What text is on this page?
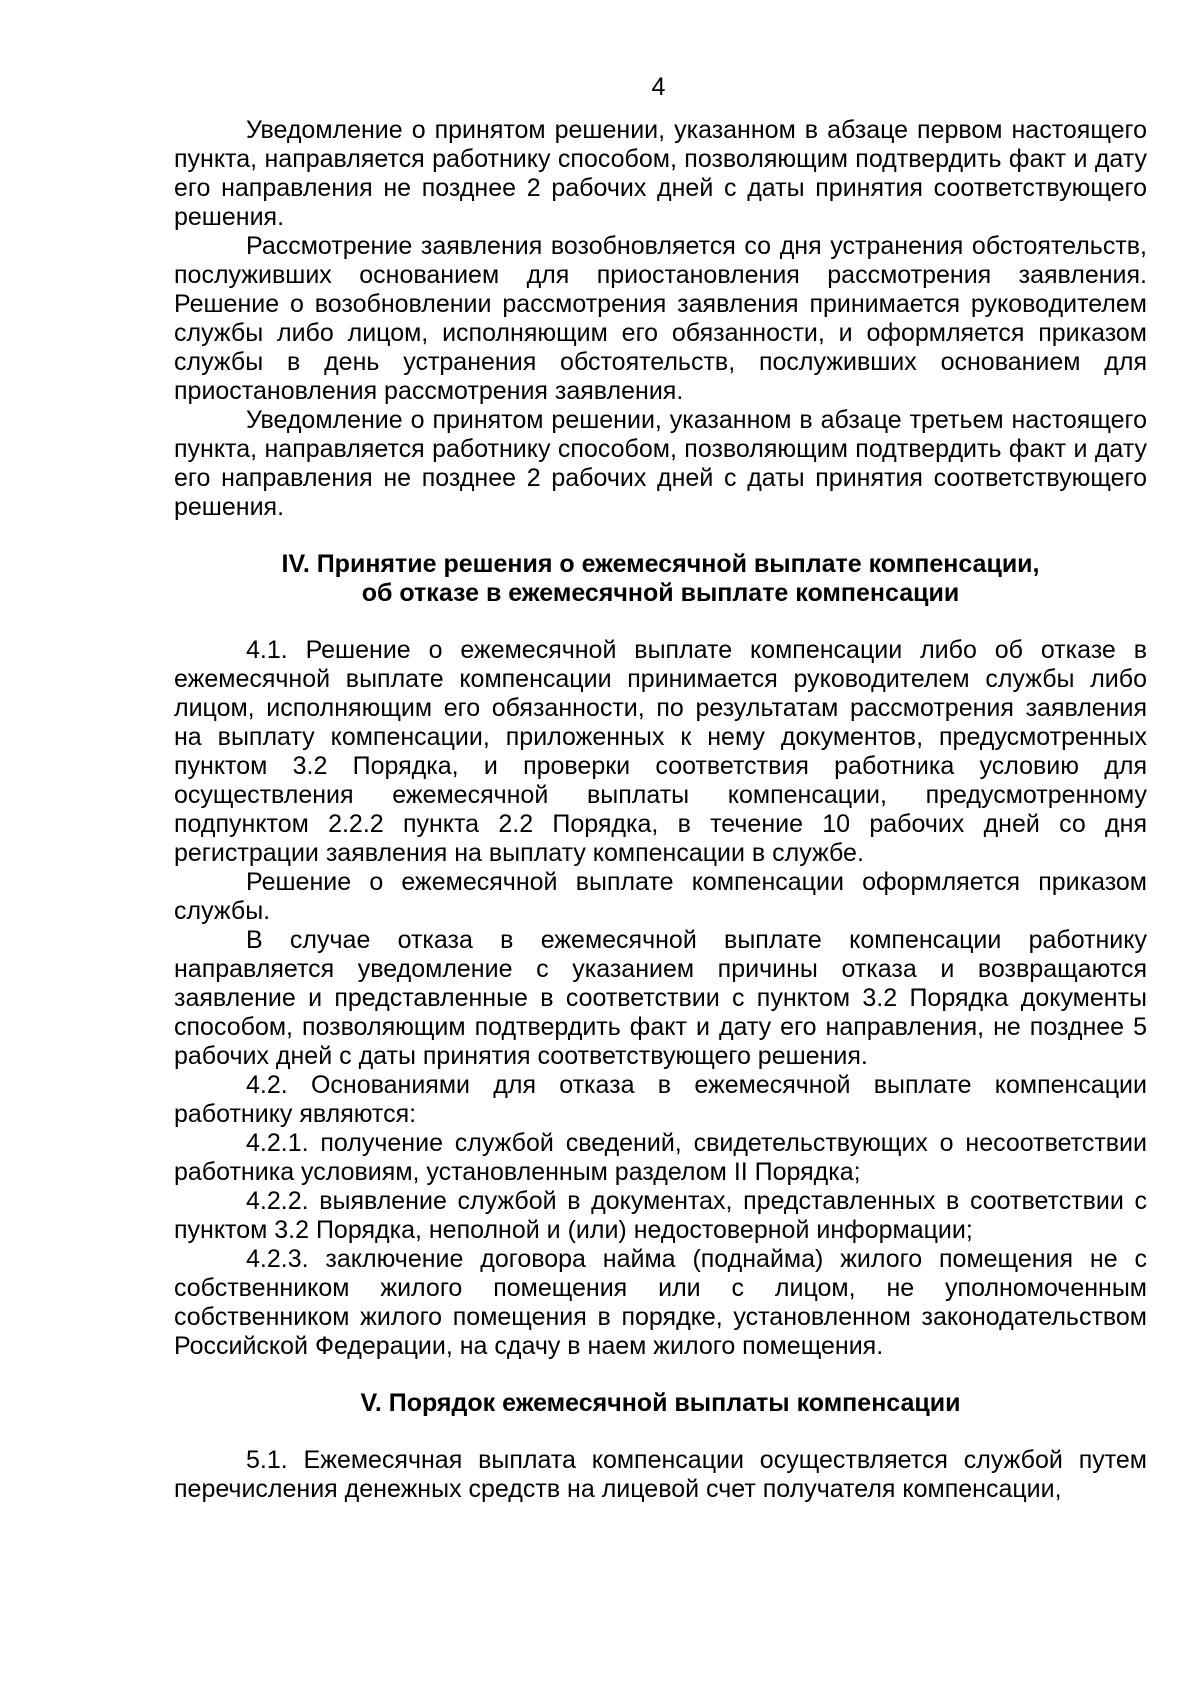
4

Уведомление о принятом решении, указанном в абзаце первом настоящего пункта, направляется работнику способом, позволяющим подтвердить факт и дату его направления не позднее 2 рабочих дней с даты принятия соответствующего решения.

Рассмотрение заявления возобновляется со дня устранения обстоятельств, послуживших основанием для приостановления рассмотрения заявления. Решение о возобновлении рассмотрения заявления принимается руководителем службы либо лицом, исполняющим его обязанности, и оформляется приказом службы в день устранения обстоятельств, послуживших основанием для приостановления рассмотрения заявления.

Уведомление о принятом решении, указанном в абзаце третьем настоящего пункта, направляется работнику способом, позволяющим подтвердить факт и дату его направления не позднее 2 рабочих дней с даты принятия соответствующего решения.

IV. Принятие решения о ежемесячной выплате компенсации,
об отказе в ежемесячной выплате компенсации

4.1. Решение о ежемесячной выплате компенсации либо об отказе в ежемесячной выплате компенсации принимается руководителем службы либо лицом, исполняющим его обязанности, по результатам рассмотрения заявления на выплату компенсации, приложенных к нему документов, предусмотренных пунктом 3.2 Порядка, и проверки соответствия работника условию для осуществления ежемесячной выплаты компенсации, предусмотренному подпунктом 2.2.2 пункта 2.2 Порядка, в течение 10 рабочих дней со дня регистрации заявления на выплату компенсации в службе.

Решение о ежемесячной выплате компенсации оформляется приказом службы.

В случае отказа в ежемесячной выплате компенсации работнику направляется уведомление с указанием причины отказа и возвращаются заявление и представленные в соответствии с пунктом 3.2 Порядка документы способом, позволяющим подтвердить факт и дату его направления, не позднее 5 рабочих дней с даты принятия соответствующего решения.

4.2. Основаниями для отказа в ежемесячной выплате компенсации работнику являются:

4.2.1. получение службой сведений, свидетельствующих о несоответствии работника условиям, установленным разделом II Порядка;

4.2.2. выявление службой в документах, представленных в соответствии с пунктом 3.2 Порядка, неполной и (или) недостоверной информации;

4.2.3. заключение договора найма (поднайма) жилого помещения не с собственником жилого помещения или с лицом, не уполномоченным собственником жилого помещения в порядке, установленном законодательством Российской Федерации, на сдачу в наем жилого помещения.

V. Порядок ежемесячной выплаты компенсации

5.1. Ежемесячная выплата компенсации осуществляется службой путем перечисления денежных средств на лицевой счет получателя компенсации,
